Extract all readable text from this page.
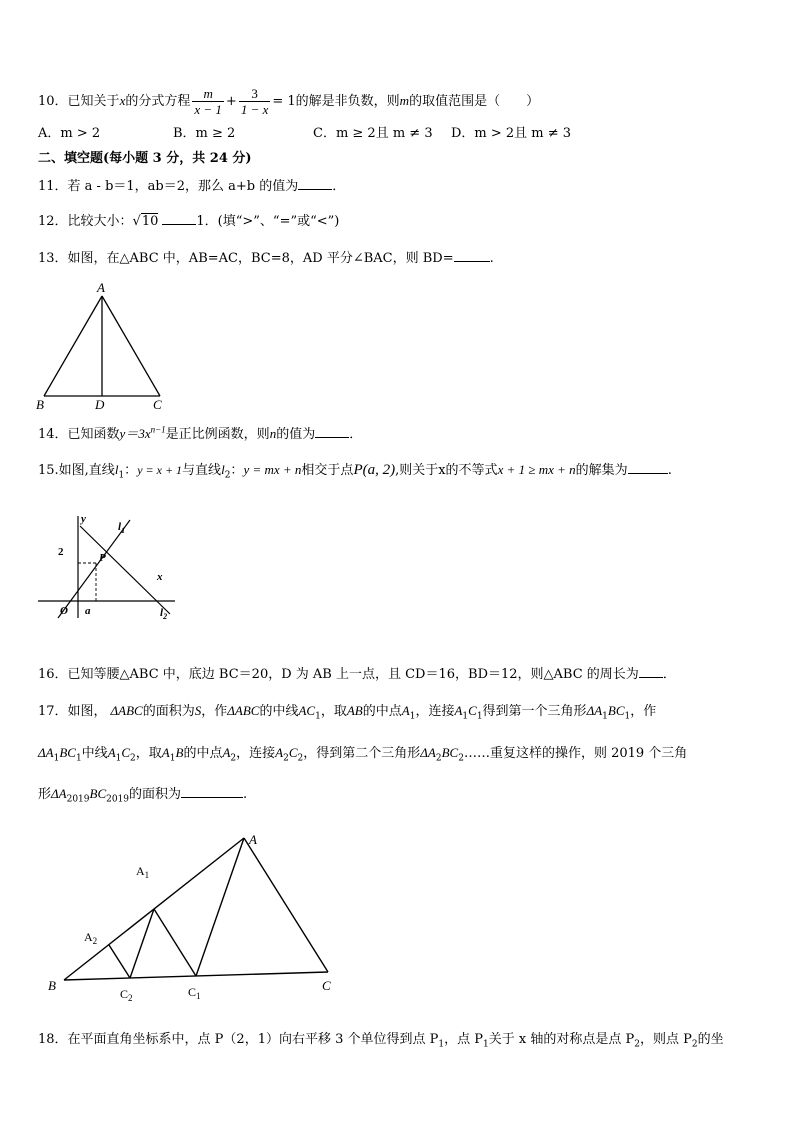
10．已知关于x的分式方程 $\frac{m}{x - 1} + \frac{3}{1 - x} = 1$的解是非负数，则m的取值范围是（　　）
A．m > 2	B．m ≥ 2	C．m ≥ 2且 m ≠ 3 D．m > 2且 m ≠ 3
二、填空题(每小题 3 分，共 24 分)
11．若 a - b＝1，ab＝2，那么 a+b 的值为	．
12．比较大小：√10	1．(填“>”、“=”或“<”)
13．如图，在△ABC 中，AB=AC，BC=8，AD 平分∠BAC，则 BD=	.
A
B	D	C
14．已知函数$y=3x^{n-1}$是正比例函数，则n的值为	．
15.如图,直线$l_1$：y = x + 1与直线$l_2$：y = mx + n相交于点P(a, 2),则关于x的不等式x + 1 ≥ mx + n的解集为	.
y
$l_1$
2	P
x
O a	$l_2$
16．已知等腰△ABC 中，底边 BC＝20，D 为 AB 上一点，且 CD＝16，BD＝12，则△ABC 的周长为 ．
17．如图， ΔABC的面积为S，作ΔABC的中线$AC_1$，取AB的中点$A_1$，连接$A_1C_1$得到第一个三角形$\Delta A_1BC_1$，作
$\Delta A_1BC_1$中线$A_1C_2$，取$A_1B$的中点$A_2$，连接$A_2C_2$，得到第二个三角形$\Delta A_2BC_2\dots\dots$重复这样的操作，则 2019 个三角
形$\Delta A_{2019}BC_{2019}$的面积为	.
A
$A_1$
$A_2$
B
$C_2$	$C_1$
C
18．在平面直角坐标系中，点 P（2，1）向右平移 3 个单位得到点 $P_1$，点 $P_1$关于 x 轴的对称点是点 $P_2$，则点 $P_2$的坐
